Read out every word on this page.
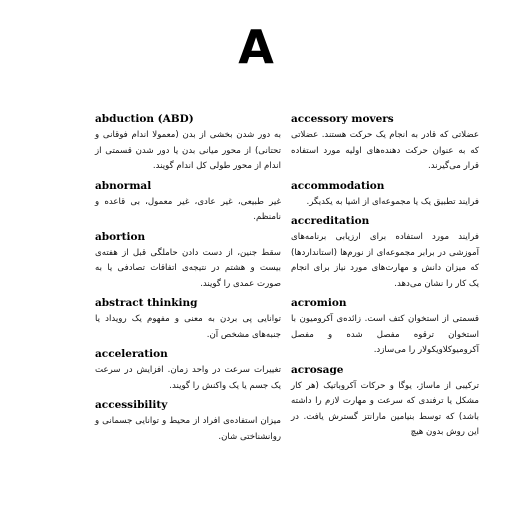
A
abduction (ABD)
به دور شدن بخشی از بدن (معمولا اندام فوقانی و تحتانی) از محور میانی بدن یا دور شدن قسمتی از اندام از محور طولی کل اندام گویند.
abnormal
غیر طبیعی، غیر عادی، غیر معمول، بی قاعده و نامنظم.
abortion
سقط جنین، از دست دادن حاملگی قبل از هفته‌ی بیست و هشتم در نتیجه‌ی اتفاقات تصادفی یا به صورت عمدی را گویند.
abstract thinking
توانایی پی بردن به معنی و مفهوم یک رویداد یا جنبه‌های مشخص آن.
acceleration
تغییرات سرعت در واحد زمان. افزایش در سرعت یک جسم یا یک واکنش را گویند.
accessibility
میزان استفاده‌ی افراد از محیط و توانایی جسمانی و روانشناختی شان.
accessory movers
عضلاتی که قادر به انجام یک حرکت هستند. عضلاتی که به عنوان حرکت دهنده‌های اولیه مورد استفاده قرار می‌گیرند.
accommodation
فرایند تطبیق یک یا مجموعه‌ای از اشیا به یکدیگر.
accreditation
فرایند مورد استفاده برای ارزیابی برنامه‌های آموزشی در برابر مجموعه‌ای از نورم‌ها (استانداردها) که میزان دانش و مهارت‌های مورد نیاز برای انجام یک کار را نشان می‌دهد.
acromion
قسمتی از استخوان کتف است. زائده‌ی آکرومیون با استخوان ترقوه مفصل شده و مفصل آکرومیوکلاویکولار را می‌سازد.
acrosage
ترکیبی از ماساژ، یوگا و حرکات آکروباتیک (هر کار مشکل یا ترفندی که سرعت و مهارت لازم را داشته باشد) که توسط بنیامین مارانتز گسترش یافت. در این روش بدون هیچ
